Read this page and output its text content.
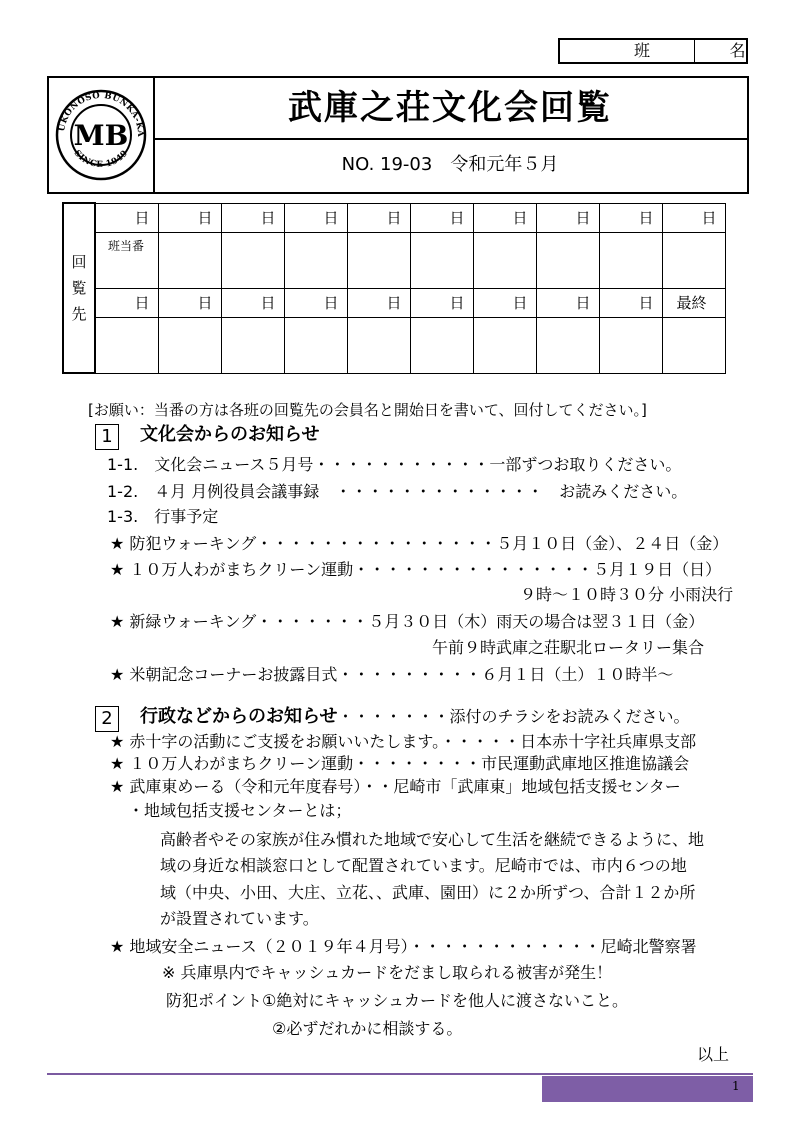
班	名
UKONOSO BUNKA-KA
SINCE 1949
MB
武庫之荘文化会回覧
NO. 19-03　令和元年５月
回
覧
先	日	日	日	日	日	日	日	日	日	日
	班当番									
	日	日	日	日	日	日	日	日	日	最終

[お願い：当番の方は各班の回覧先の会員名と開始日を書いて、回付してください。]
1	文化会からのお知らせ
1-1.　文化会ニュース５月号・・・・・・・・・・・一部ずつお取りください。
1-2.　４月 月例役員会議事録　・・・・・・・・・・・・・　お読みください。
1-3.　行事予定
★ 防犯ウォーキング・・・・・・・・・・・・・・・５月１０日（金）、２４日（金）
★ １０万人わがまちクリーン運動・・・・・・・・・・・・・・・５月１９日（日）
９時～１０時３０分 小雨決行
★ 新緑ウォーキング・・・・・・・５月３０日（木）雨天の場合は翌３１日（金）
午前９時武庫之荘駅北ロータリー集合
★ 米朝記念コーナーお披露目式・・・・・・・・・６月１日（土）１０時半～
2	行政などからのお知らせ・・・・・・・添付のチラシをお読みください。
★ 赤十字の活動にご支援をお願いいたします。・・・・・日本赤十字社兵庫県支部
★ １０万人わがまちクリーン運動・・・・・・・・市民運動武庫地区推進協議会
★ 武庫東めーる（令和元年度春号）・・尼崎市「武庫東」地域包括支援センター
・地域包括支援センターとは；
高齢者やその家族が住み慣れた地域で安心して生活を継続できるように、地
域の身近な相談窓口として配置されています。尼崎市では、市内６つの地
域（中央、小田、大庄、立花、、武庫、園田）に２か所ずつ、合計１２か所
が設置されています。
★ 地域安全ニュース（２０１９年４月号）・・・・・・・・・・・・尼崎北警察署
※ 兵庫県内でキャッシュカードをだまし取られる被害が発生！
防犯ポイント①絶対にキャッシュカードを他人に渡さないこと。
②必ずだれかに相談する。
以上
1
